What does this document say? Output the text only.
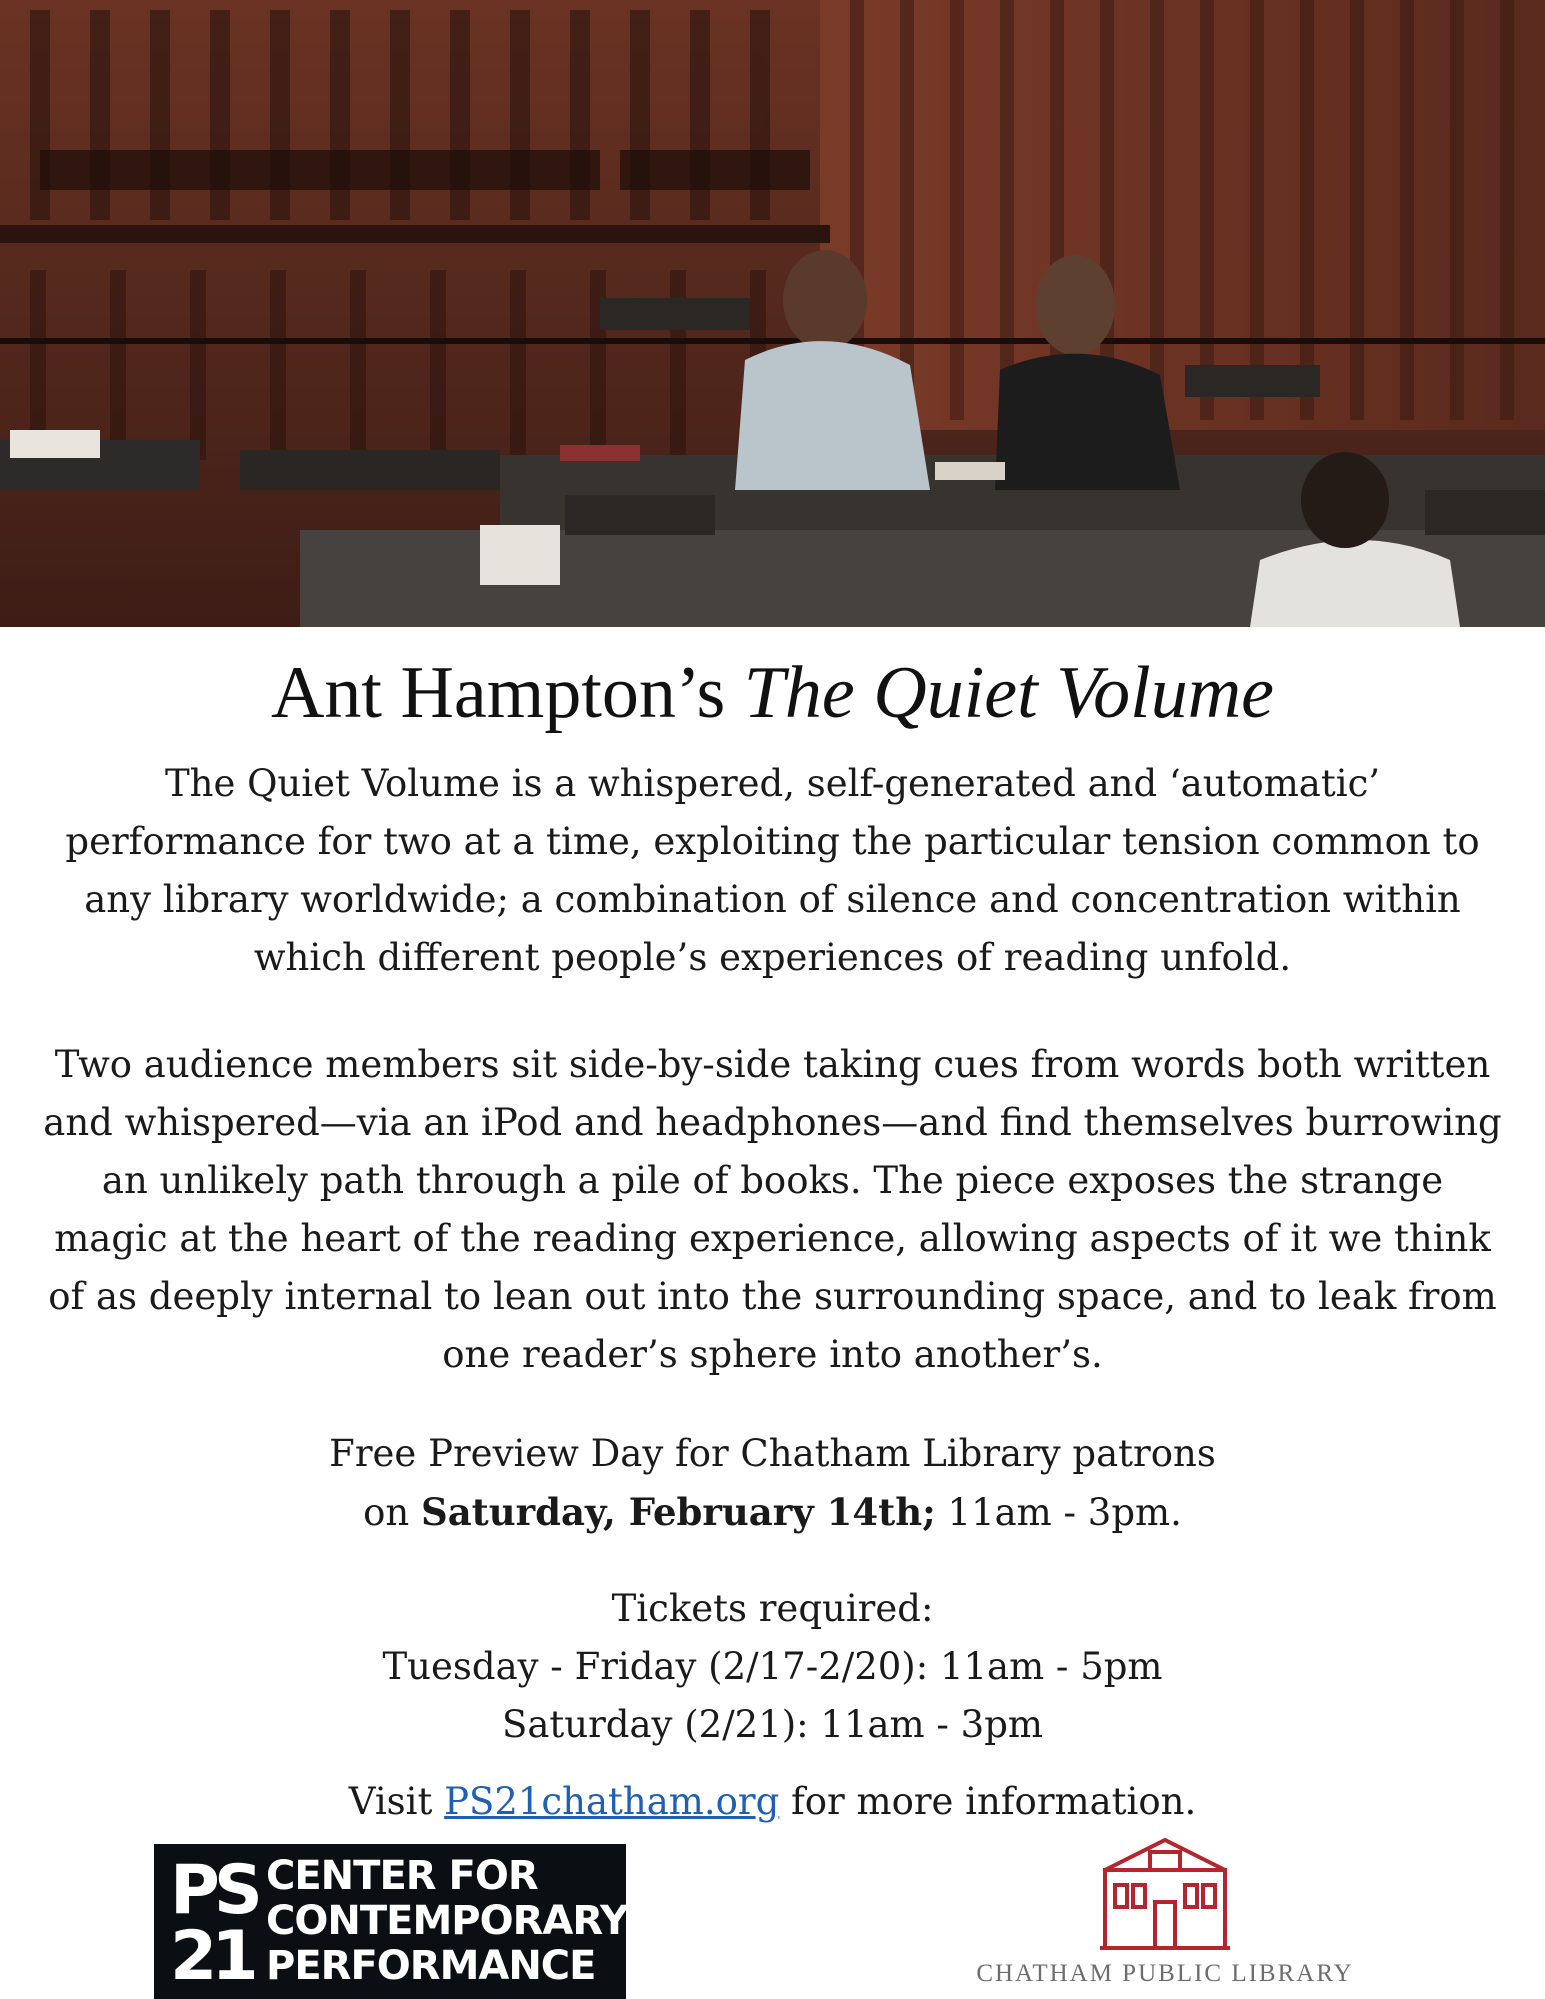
Ant Hampton’s The Quiet Volume

The Quiet Volume is a whispered, self-generated and ‘automatic’ performance for two at a time, exploiting the particular tension common to any library worldwide; a combination of silence and concentration within which different people’s experiences of reading unfold.

Two audience members sit side-by-side taking cues from words both written and whispered—via an iPod and headphones—and find themselves burrowing an unlikely path through a pile of books. The piece exposes the strange magic at the heart of the reading experience, allowing aspects of it we think of as deeply internal to lean out into the surrounding space, and to leak from one reader’s sphere into another’s.

Free Preview Day for Chatham Library patrons
on Saturday, February 14th; 11am - 3pm.
Tickets required:
Tuesday - Friday (2/17-2/20): 11am - 5pm
Saturday (2/21): 11am - 3pm
Visit PS21chatham.org for more information.
PS
21
CENTER FOR
CONTEMPORARY
PERFORMANCE	CHATHAM PUBLIC LIBRARY
